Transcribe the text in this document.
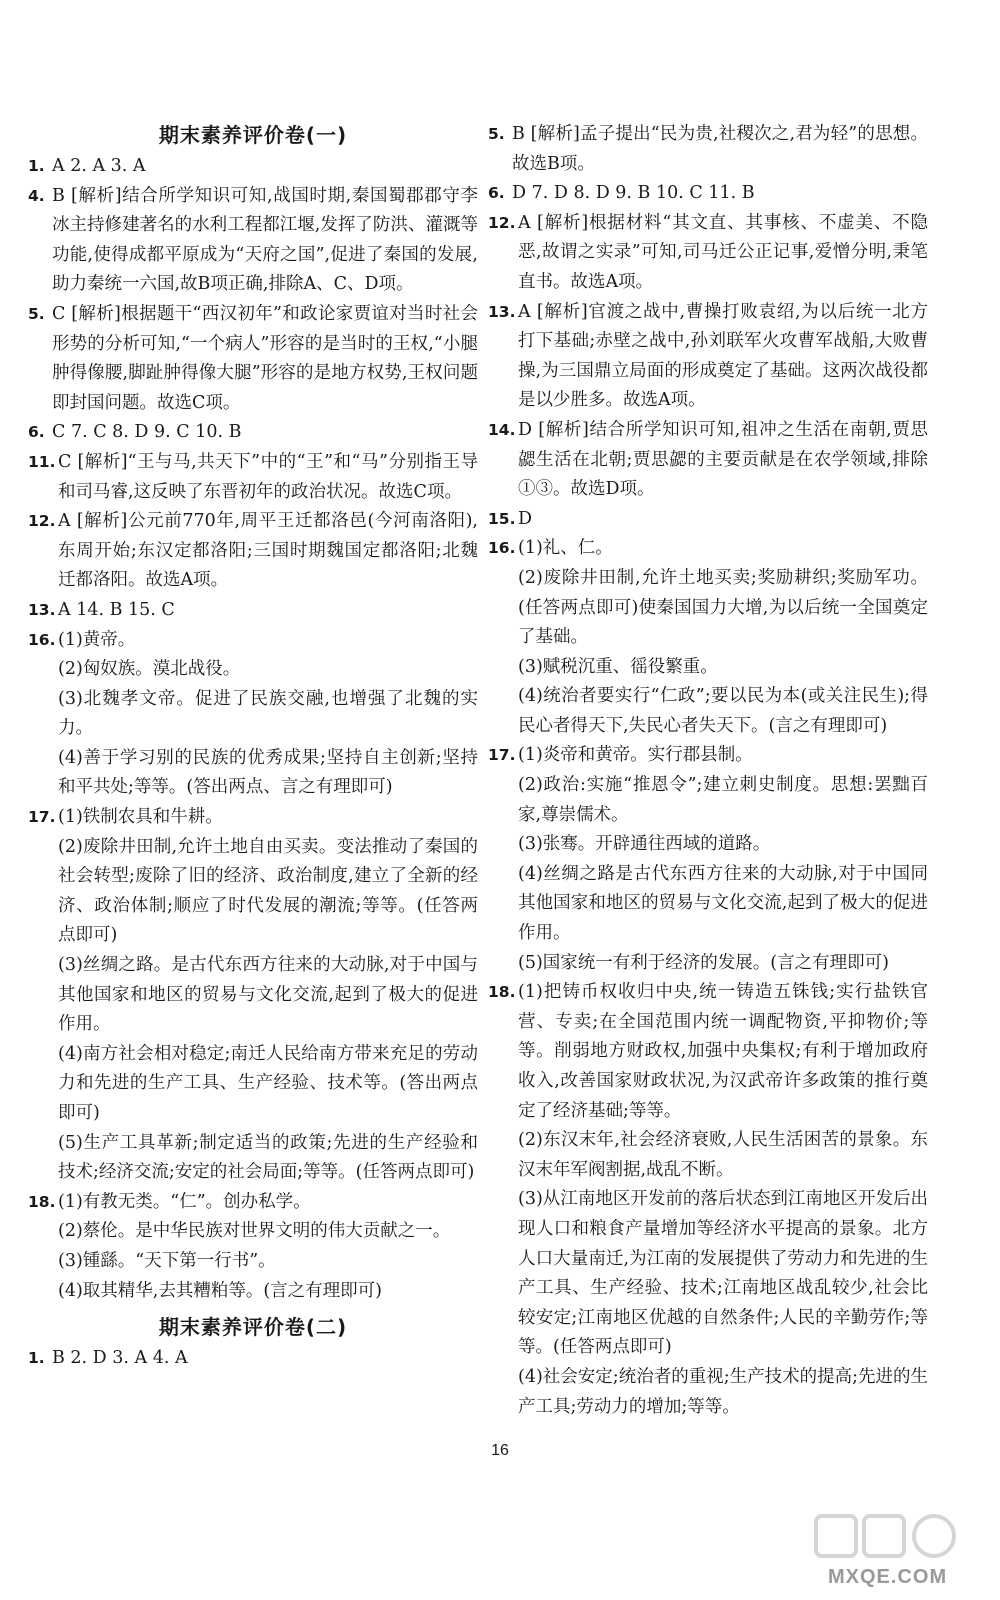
期末素养评价卷(一)
1. A 2. A 3. A
4. B [解析]结合所学知识可知,战国时期,秦国蜀郡郡守李冰主持修建著名的水利工程都江堰,发挥了防洪、灌溉等功能,使得成都平原成为“天府之国”,促进了秦国的发展,助力秦统一六国,故B项正确,排除A、C、D项。
5. C [解析]根据题干“西汉初年”和政论家贾谊对当时社会形势的分析可知,“一个病人”形容的是当时的王权,“小腿肿得像腰,脚趾肿得像大腿”形容的是地方权势,王权问题即封国问题。故选C项。
6. C 7. C 8. D 9. C 10. B
11. C [解析]“王与马,共天下”中的“王”和“马”分别指王导和司马睿,这反映了东晋初年的政治状况。故选C项。
12. A [解析]公元前770年,周平王迁都洛邑(今河南洛阳),东周开始;东汉定都洛阳;三国时期魏国定都洛阳;北魏迁都洛阳。故选A项。
13. A 14. B 15. C
16. (1)黄帝。
(2)匈奴族。漠北战役。
(3)北魏孝文帝。促进了民族交融,也增强了北魏的实力。
(4)善于学习别的民族的优秀成果;坚持自主创新;坚持和平共处;等等。(答出两点、言之有理即可)
17. (1)铁制农具和牛耕。
(2)废除井田制,允许土地自由买卖。变法推动了秦国的社会转型;废除了旧的经济、政治制度,建立了全新的经济、政治体制;顺应了时代发展的潮流;等等。(任答两点即可)
(3)丝绸之路。是古代东西方往来的大动脉,对于中国与其他国家和地区的贸易与文化交流,起到了极大的促进作用。
(4)南方社会相对稳定;南迁人民给南方带来充足的劳动力和先进的生产工具、生产经验、技术等。(答出两点即可)
(5)生产工具革新;制定适当的政策;先进的生产经验和技术;经济交流;安定的社会局面;等等。(任答两点即可)
18. (1)有教无类。“仁”。创办私学。
(2)蔡伦。是中华民族对世界文明的伟大贡献之一。
(3)锺繇。“天下第一行书”。
(4)取其精华,去其糟粕等。(言之有理即可)
期末素养评价卷(二)
1. B 2. D 3. A 4. A
5. B [解析]孟子提出“民为贵,社稷次之,君为轻”的思想。故选B项。
6. D 7. D 8. D 9. B 10. C 11. B
12. A [解析]根据材料“其文直、其事核、不虚美、不隐恶,故谓之实录”可知,司马迁公正记事,爱憎分明,秉笔直书。故选A项。
13. A [解析]官渡之战中,曹操打败袁绍,为以后统一北方打下基础;赤壁之战中,孙刘联军火攻曹军战船,大败曹操,为三国鼎立局面的形成奠定了基础。这两次战役都是以少胜多。故选A项。
14. D [解析]结合所学知识可知,祖冲之生活在南朝,贾思勰生活在北朝;贾思勰的主要贡献是在农学领域,排除①③。故选D项。
15. D
16. (1)礼、仁。
(2)废除井田制,允许土地买卖;奖励耕织;奖励军功。(任答两点即可)使秦国国力大增,为以后统一全国奠定了基础。
(3)赋税沉重、徭役繁重。
(4)统治者要实行“仁政”;要以民为本(或关注民生);得民心者得天下,失民心者失天下。(言之有理即可)
17. (1)炎帝和黄帝。实行郡县制。
(2)政治:实施“推恩令”;建立刺史制度。思想:罢黜百家,尊崇儒术。
(3)张骞。开辟通往西域的道路。
(4)丝绸之路是古代东西方往来的大动脉,对于中国同其他国家和地区的贸易与文化交流,起到了极大的促进作用。
(5)国家统一有利于经济的发展。(言之有理即可)
18. (1)把铸币权收归中央,统一铸造五铢钱;实行盐铁官营、专卖;在全国范围内统一调配物资,平抑物价;等等。削弱地方财政权,加强中央集权;有利于增加政府收入,改善国家财政状况,为汉武帝许多政策的推行奠定了经济基础;等等。
(2)东汉末年,社会经济衰败,人民生活困苦的景象。东汉末年军阀割据,战乱不断。
(3)从江南地区开发前的落后状态到江南地区开发后出现人口和粮食产量增加等经济水平提高的景象。北方人口大量南迁,为江南的发展提供了劳动力和先进的生产工具、生产经验、技术;江南地区战乱较少,社会比较安定;江南地区优越的自然条件;人民的辛勤劳作;等等。(任答两点即可)
(4)社会安定;统治者的重视;生产技术的提高;先进的生产工具;劳动力的增加;等等。
16
MXQE.COM
